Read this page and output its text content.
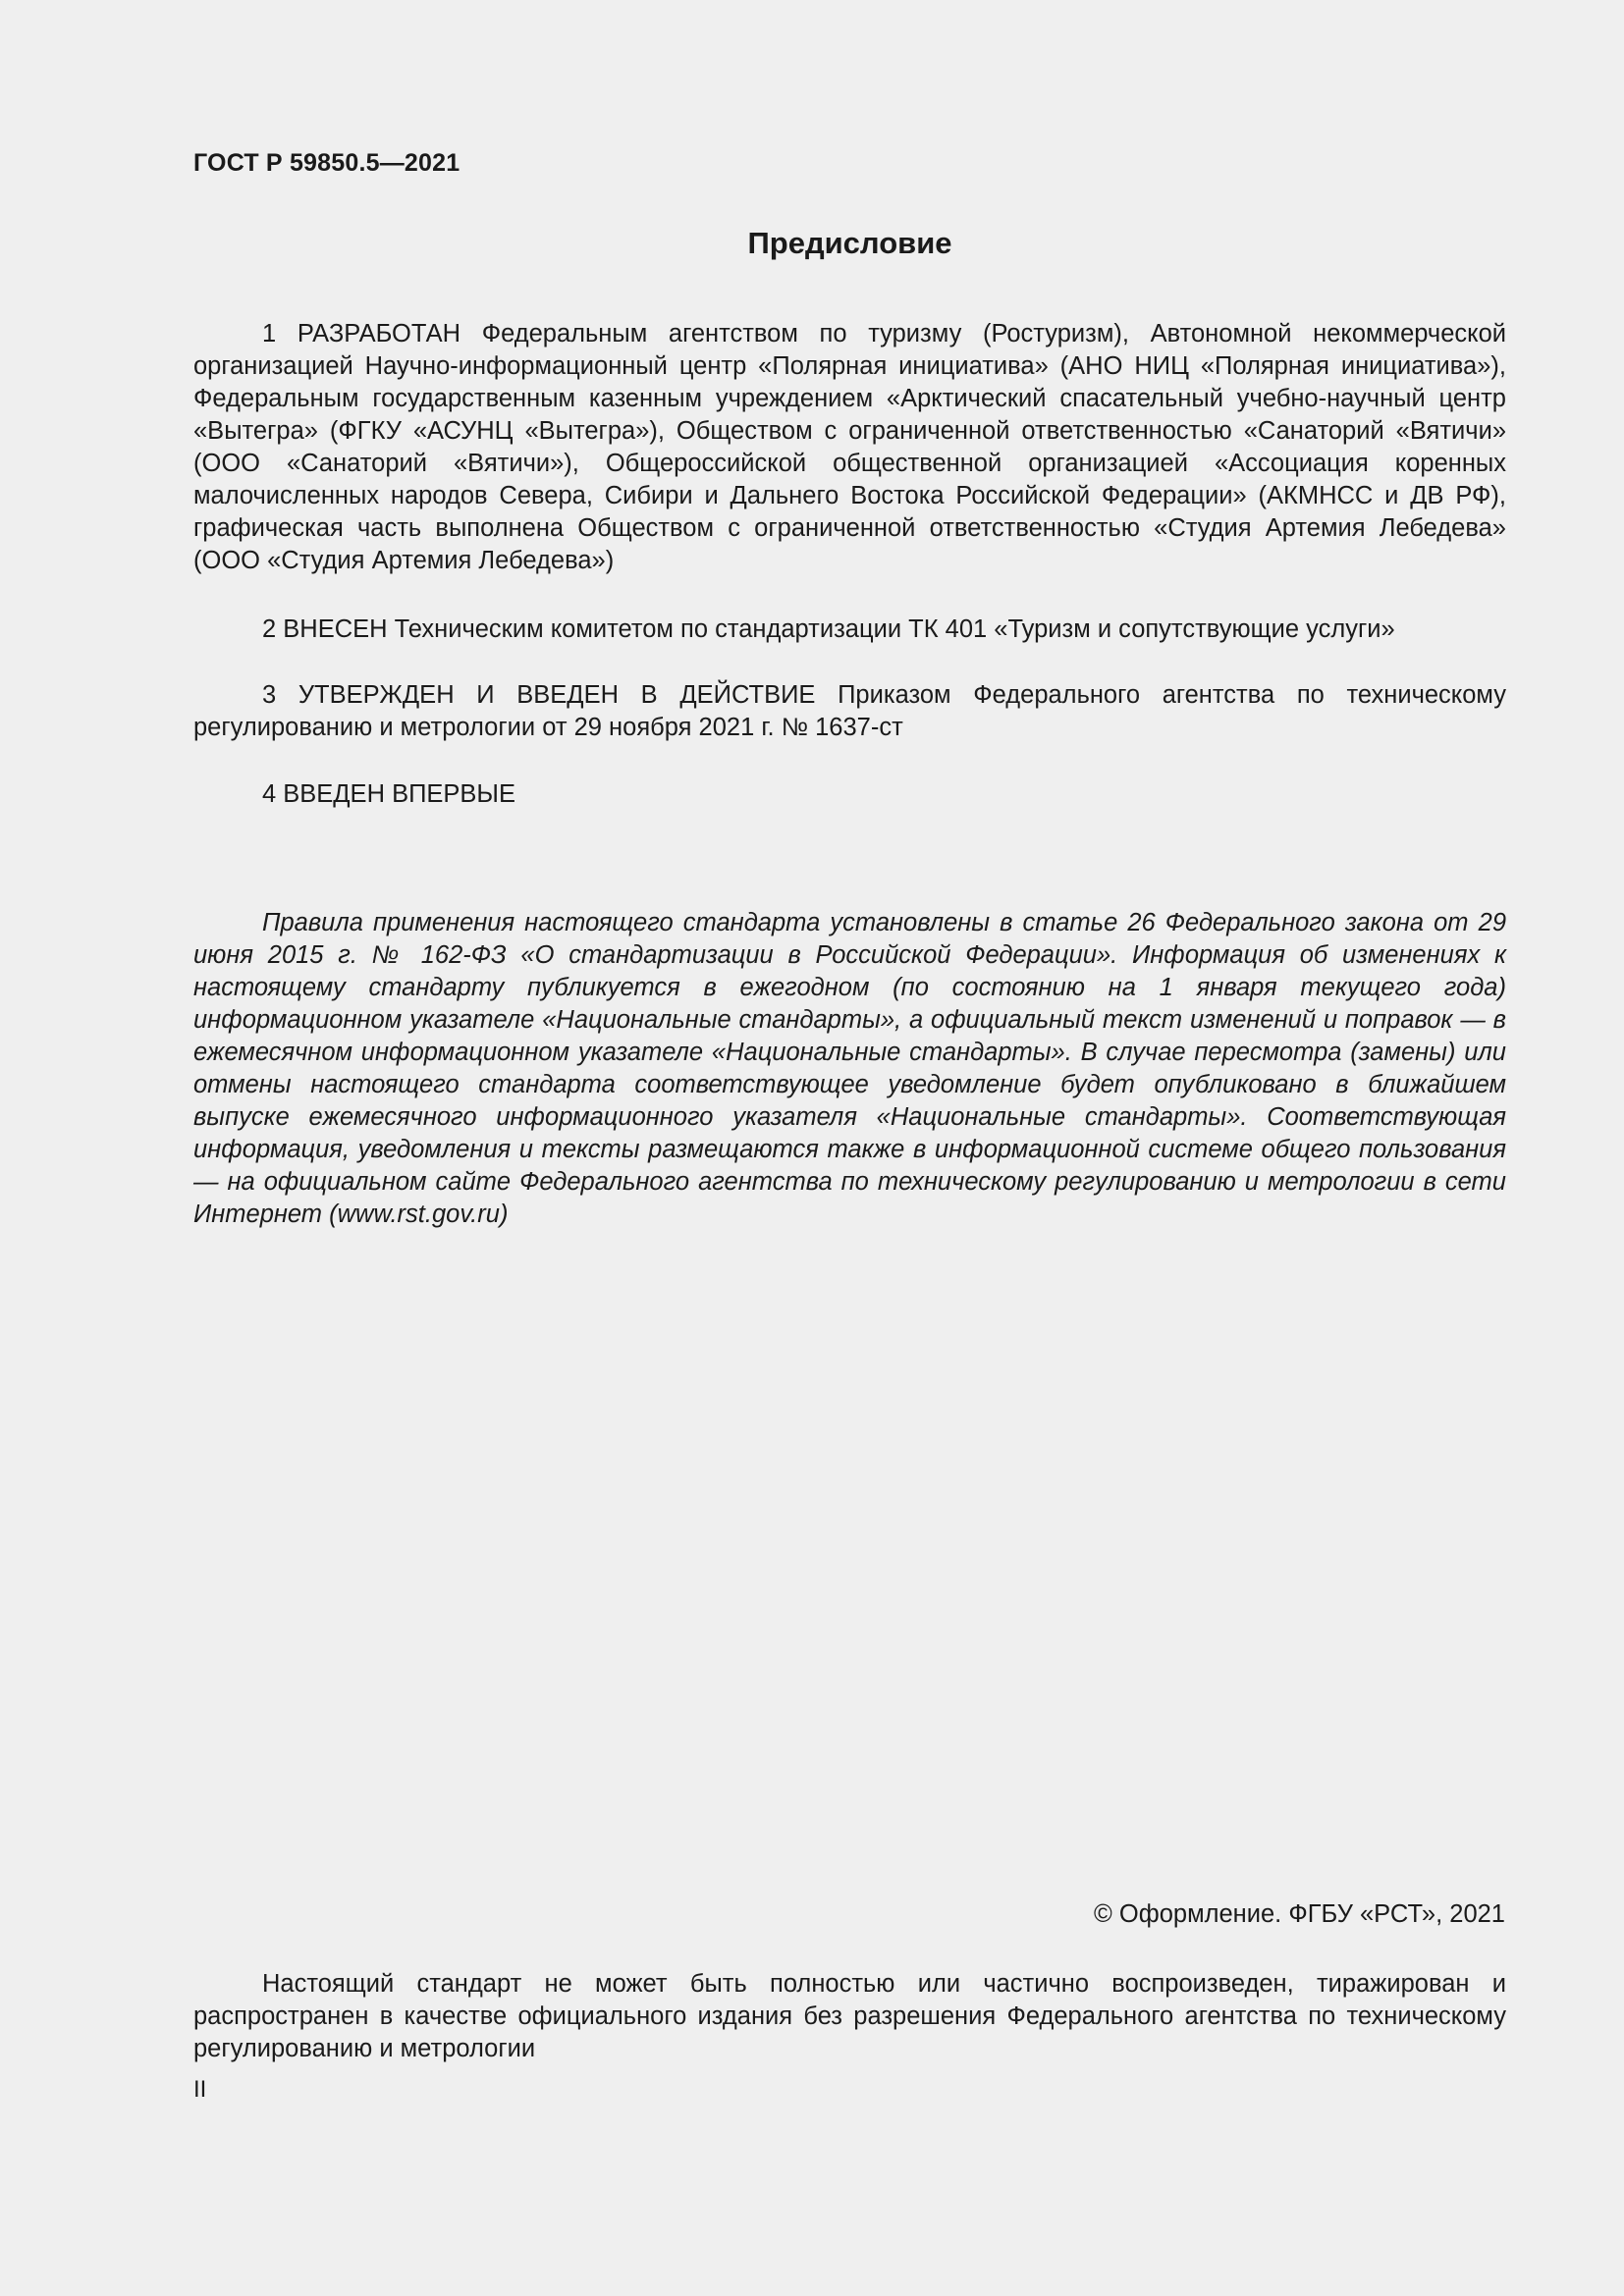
ГОСТ Р 59850.5—2021
Предисловие

1 РАЗРАБОТАН Федеральным агентством по туризму (Ростуризм), Автономной некоммерческой организацией Научно-информационный центр «Полярная инициатива» (АНО НИЦ «Полярная инициатива»), Федеральным государственным казенным учреждением «Арктический спасательный учебно-научный центр «Вытегра» (ФГКУ «АСУНЦ «Вытегра»), Обществом с ограниченной ответственностью «Санаторий «Вятичи» (ООО «Санаторий «Вятичи»), Общероссийской общественной организацией «Ассоциация коренных малочисленных народов Севера, Сибири и Дальнего Востока Российской Федерации» (АКМНСС и ДВ РФ), графическая часть выполнена Обществом с ограниченной ответственностью «Студия Артемия Лебедева» (ООО «Студия Артемия Лебедева»)

2 ВНЕСЕН Техническим комитетом по стандартизации ТК 401 «Туризм и сопутствующие услуги»

3 УТВЕРЖДЕН И ВВЕДЕН В ДЕЙСТВИЕ Приказом Федерального агентства по техническому регулированию и метрологии от 29 ноября 2021 г. № 1637-ст

4 ВВЕДЕН ВПЕРВЫЕ

Правила применения настоящего стандарта установлены в статье 26 Федерального закона от 29 июня 2015 г. № 162-ФЗ «О стандартизации в Российской Федерации». Информация об изменениях к настоящему стандарту публикуется в ежегодном (по состоянию на 1 января текущего года) информационном указателе «Национальные стандарты», а официальный текст изменений и поправок — в ежемесячном информационном указателе «Национальные стандарты». В случае пересмотра (замены) или отмены настоящего стандарта соответствующее уведомление будет опубликовано в ближайшем выпуске ежемесячного информационного указателя «Национальные стандарты». Соответствующая информация, уведомления и тексты размещаются также в информационной системе общего пользования — на официальном сайте Федерального агентства по техническому регулированию и метрологии в сети Интернет (www.rst.gov.ru)

© Оформление. ФГБУ «РСТ», 2021

Настоящий стандарт не может быть полностью или частично воспроизведен, тиражирован и распространен в качестве официального издания без разрешения Федерального агентства по техническому регулированию и метрологии

II
